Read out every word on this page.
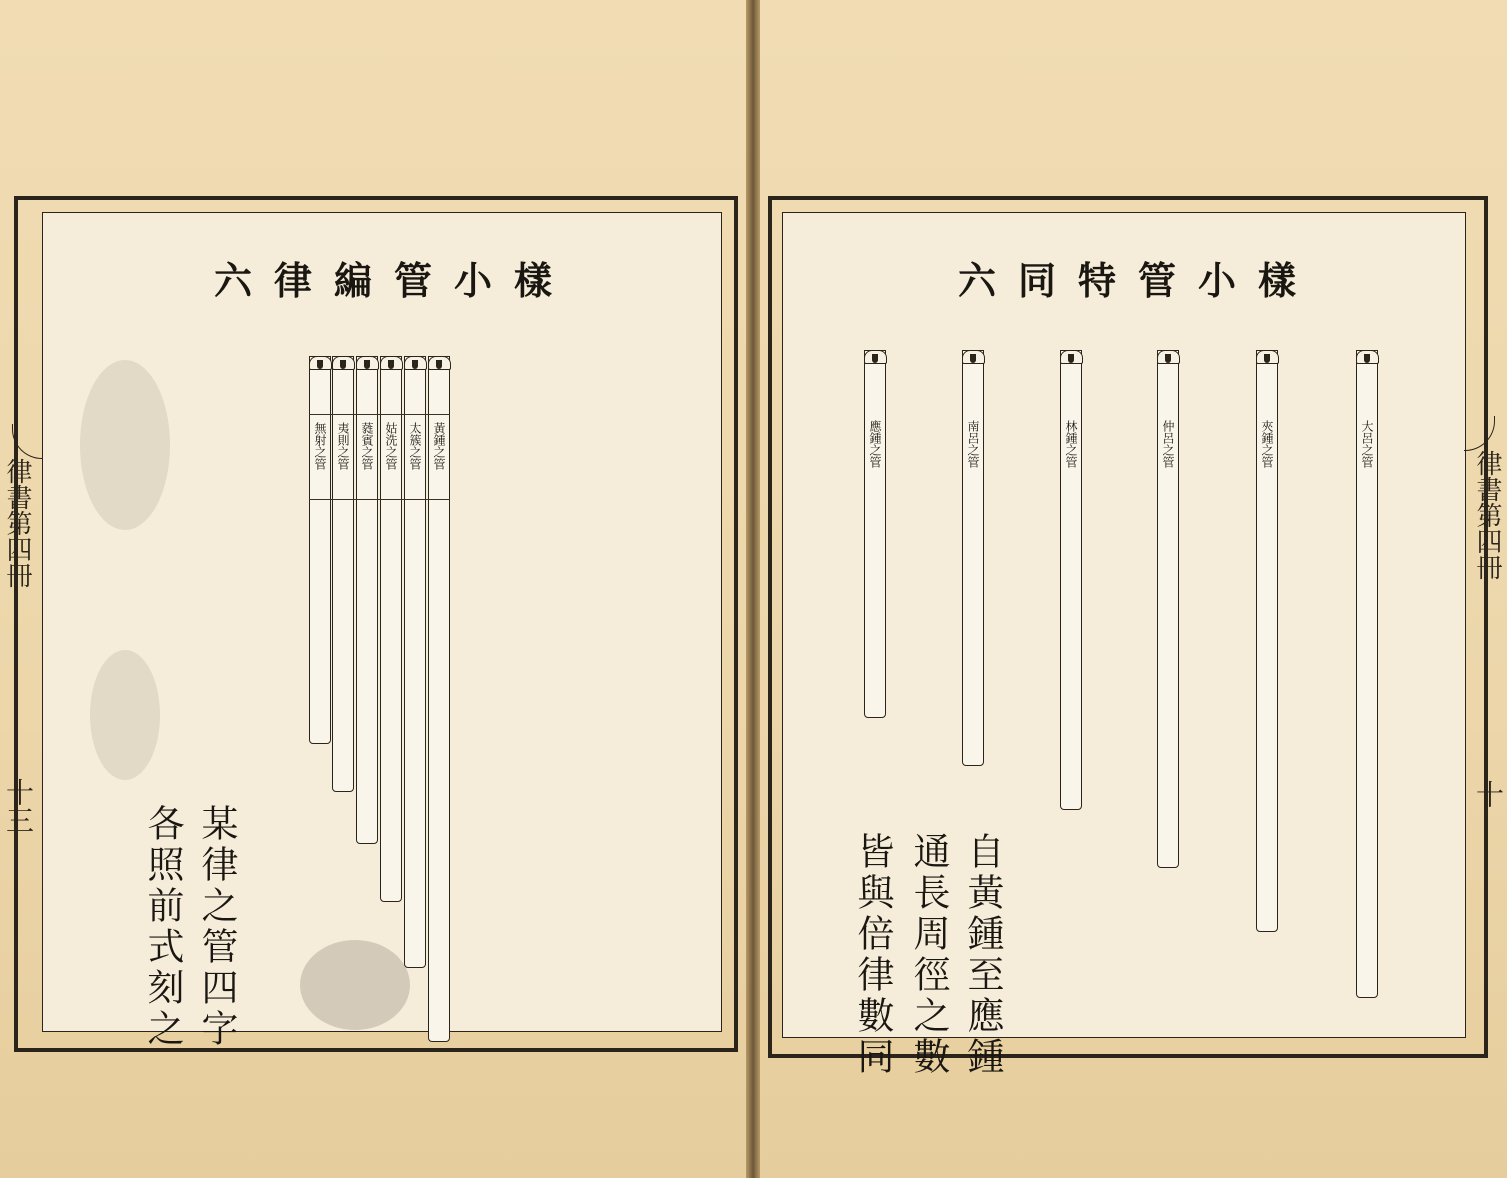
六律編管小樣
黃鍾之管
太簇之管
姑洗之管
蕤賓之管
夷則之管
無射之管
某律之管四字
各照前式刻之
律書第四冊
十三
六同特管小樣
大呂之管
夾鍾之管
仲呂之管
林鍾之管
南呂之管
應鍾之管
自黃鍾至應鍾
通長周徑之數
皆與倍律數同
律書第四冊
十
